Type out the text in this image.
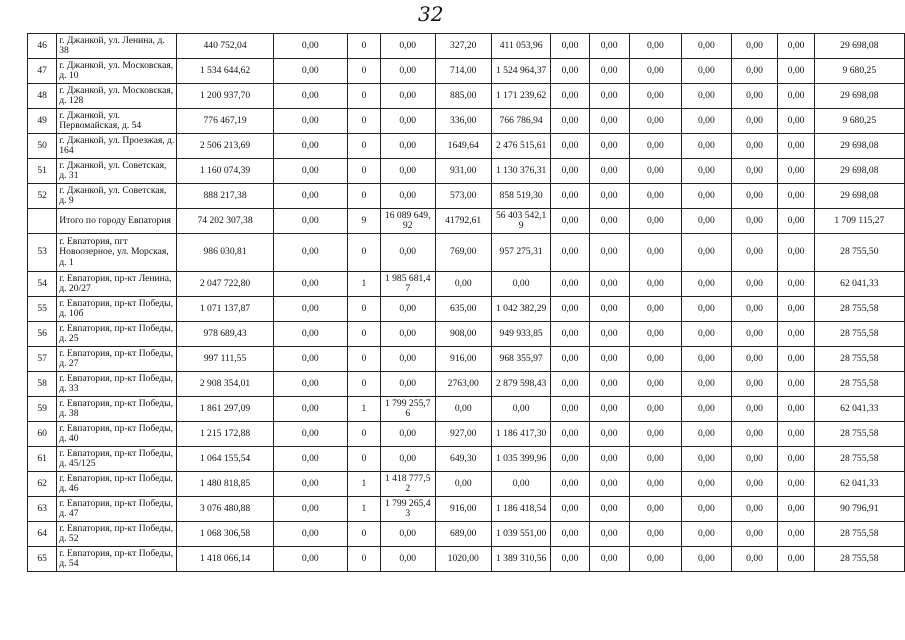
32
46	г. Джанкой, ул. Ленина, д. 38	440 752,04	0,00	0	0,00	327,20	411 053,96	0,00	0,00	0,00	0,00	0,00	0,00	29 698,08
47	г. Джанкой, ул. Московская, д. 10	1 534 644,62	0,00	0	0,00	714,00	1 524 964,37	0,00	0,00	0,00	0,00	0,00	0,00	9 680,25
48	г. Джанкой, ул. Московская, д. 128	1 200 937,70	0,00	0	0,00	885,00	1 171 239,62	0,00	0,00	0,00	0,00	0,00	0,00	29 698,08
49	г. Джанкой, ул. Первомайская, д. 54	776 467,19	0,00	0	0,00	336,00	766 786,94	0,00	0,00	0,00	0,00	0,00	0,00	9 680,25
50	г. Джанкой, ул. Проезжая, д. 164	2 506 213,69	0,00	0	0,00	1649,64	2 476 515,61	0,00	0,00	0,00	0,00	0,00	0,00	29 698,08
51	г. Джанкой, ул. Советская, д. 31	1 160 074,39	0,00	0	0,00	931,00	1 130 376,31	0,00	0,00	0,00	0,00	0,00	0,00	29 698,08
52	г. Джанкой, ул. Советская, д. 9	888 217,38	0,00	0	0,00	573,00	858 519,30	0,00	0,00	0,00	0,00	0,00	0,00	29 698,08
	Итого по городу Евпатория	74 202 307,38	0,00	9	16 089 649,92	41792,61	56 403 542,19	0,00	0,00	0,00	0,00	0,00	0,00	1 709 115,27
53	г. Евпатория, пгт Новоозерное, ул. Морская, д. 1	986 030,81	0,00	0	0,00	769,00	957 275,31	0,00	0,00	0,00	0,00	0,00	0,00	28 755,50
54	г. Евпатория, пр-кт Ленина, д. 20/27	2 047 722,80	0,00	1	1 985 681,47	0,00	0,00	0,00	0,00	0,00	0,00	0,00	0,00	62 041,33
55	г. Евпатория, пр-кт Победы, д. 10б	1 071 137,87	0,00	0	0,00	635,00	1 042 382,29	0,00	0,00	0,00	0,00	0,00	0,00	28 755,58
56	г. Евпатория, пр-кт Победы, д. 25	978 689,43	0,00	0	0,00	908,00	949 933,85	0,00	0,00	0,00	0,00	0,00	0,00	28 755,58
57	г. Евпатория, пр-кт Победы, д. 27	997 111,55	0,00	0	0,00	916,00	968 355,97	0,00	0,00	0,00	0,00	0,00	0,00	28 755,58
58	г. Евпатория, пр-кт Победы, д. 33	2 908 354,01	0,00	0	0,00	2763,00	2 879 598,43	0,00	0,00	0,00	0,00	0,00	0,00	28 755,58
59	г. Евпатория, пр-кт Победы, д. 38	1 861 297,09	0,00	1	1 799 255,76	0,00	0,00	0,00	0,00	0,00	0,00	0,00	0,00	62 041,33
60	г. Евпатория, пр-кт Победы, д. 40	1 215 172,88	0,00	0	0,00	927,00	1 186 417,30	0,00	0,00	0,00	0,00	0,00	0,00	28 755,58
61	г. Евпатория, пр-кт Победы, д. 45/125	1 064 155,54	0,00	0	0,00	649,30	1 035 399,96	0,00	0,00	0,00	0,00	0,00	0,00	28 755,58
62	г. Евпатория, пр-кт Победы, д. 46	1 480 818,85	0,00	1	1 418 777,52	0,00	0,00	0,00	0,00	0,00	0,00	0,00	0,00	62 041,33
63	г. Евпатория, пр-кт Победы, д. 47	3 076 480,88	0,00	1	1 799 265,43	916,00	1 186 418,54	0,00	0,00	0,00	0,00	0,00	0,00	90 796,91
64	г. Евпатория, пр-кт Победы, д. 52	1 068 306,58	0,00	0	0,00	689,00	1 039 551,00	0,00	0,00	0,00	0,00	0,00	0,00	28 755,58
65	г. Евпатория, пр-кт Победы, д. 54	1 418 066,14	0,00	0	0,00	1020,00	1 389 310,56	0,00	0,00	0,00	0,00	0,00	0,00	28 755,58
